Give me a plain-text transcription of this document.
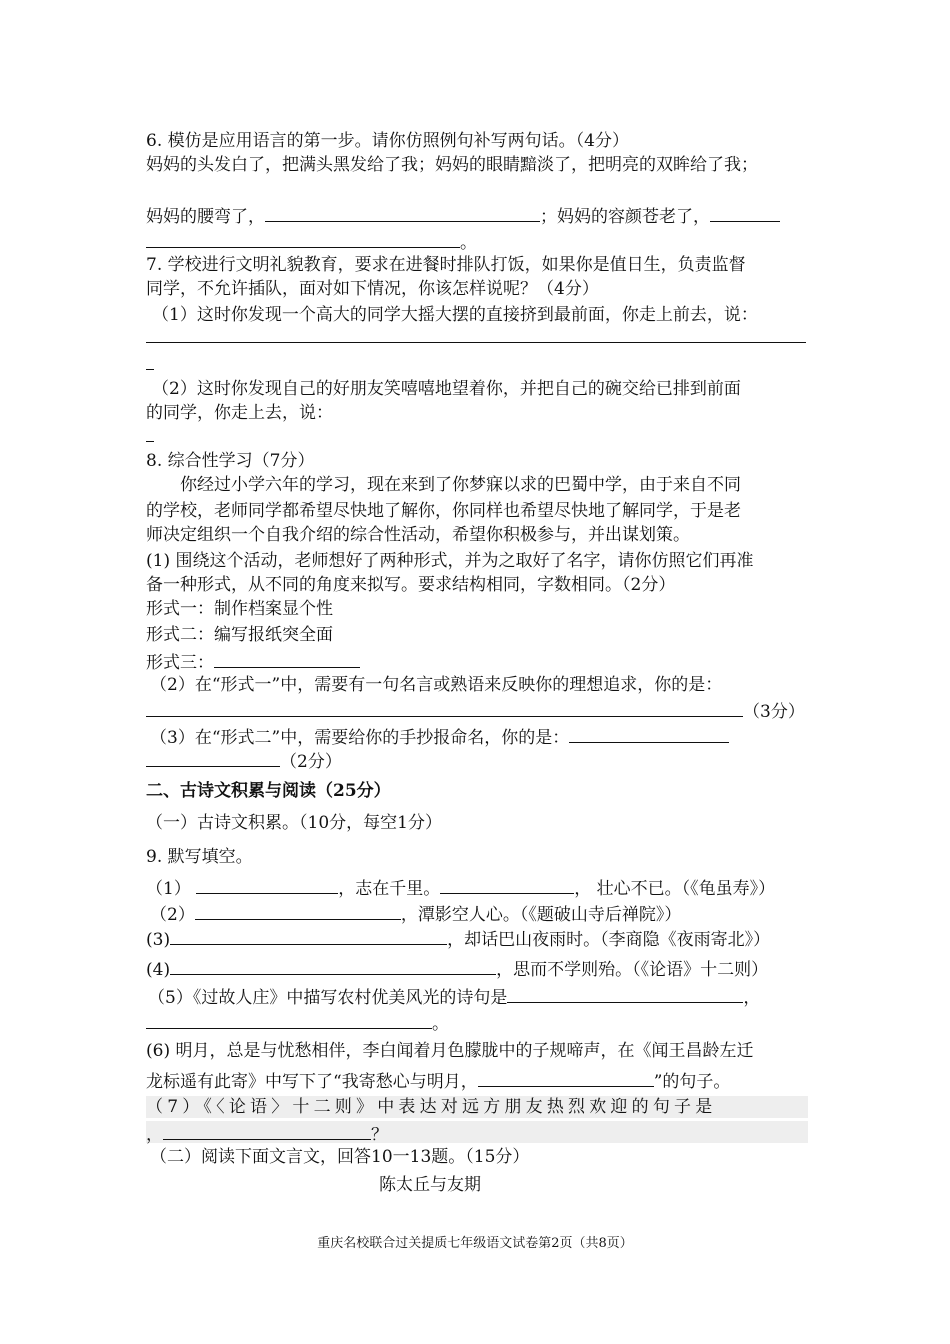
6. 模仿是应用语言的第一步。请你仿照例句补写两句话。（4分）
妈妈的头发白了，把满头黑发给了我；妈妈的眼睛黯淡了，把明亮的双眸给了我；
妈妈的腰弯了，	；妈妈的容颜苍老了，
。
7. 学校进行文明礼貌教育，要求在进餐时排队打饭，如果你是值日生，负责监督
同学，不允许插队，面对如下情况，你该怎样说呢？（4分）
（1）这时你发现一个高大的同学大摇大摆的直接挤到最前面，你走上前去，说：
（2）这时你发现自己的好朋友笑嘻嘻地望着你，并把自己的碗交给已排到前面
的同学，你走上去，说：
8. 综合性学习（7分）
你经过小学六年的学习，现在来到了你梦寐以求的巴蜀中学，由于来自不同
的学校，老师同学都希望尽快地了解你，你同样也希望尽快地了解同学，于是老
师决定组织一个自我介绍的综合性活动，希望你积极参与，并出谋划策。
(1) 围绕这个活动，老师想好了两种形式，并为之取好了名字，请你仿照它们再准
备一种形式，从不同的角度来拟写。要求结构相同，字数相同。（2分）
形式一：制作档案显个性
形式二：编写报纸突全面
形式三：
（2）在“形式一”中，需要有一句名言或熟语来反映你的理想追求，你的是：
（3分）
（3）在“形式二”中，需要给你的手抄报命名，你的是：
（2分）
二、古诗文积累与阅读（25分）
（一）古诗文积累。（10分，每空1分）
9. 默写填空。
（1）	，志在千里。	， 壮心不已。（《龟虽寿》）
（2）	，潭影空人心。（《题破山寺后禅院》）
(3)	，却话巴山夜雨时。（李商隐《夜雨寄北》）
(4)	，思而不学则殆。（《论语》十二则）
（5）《过故人庄》中描写农村优美风光的诗句是	，
。
(6) 明月，总是与忧愁相伴，李白闻着月色朦胧中的子规啼声，在《闻王昌龄左迁
龙标遥有此寄》中写下了“我寄愁心与明月，	”的句子。
（7）《〈论语〉十二则》中表达对远方朋友热烈欢迎的句子是
，	？
（二）阅读下面文言文，回答10一13题。（15分）
陈太丘与友期
重庆名校联合过关提质七年级语文试卷第2页（共8页）
